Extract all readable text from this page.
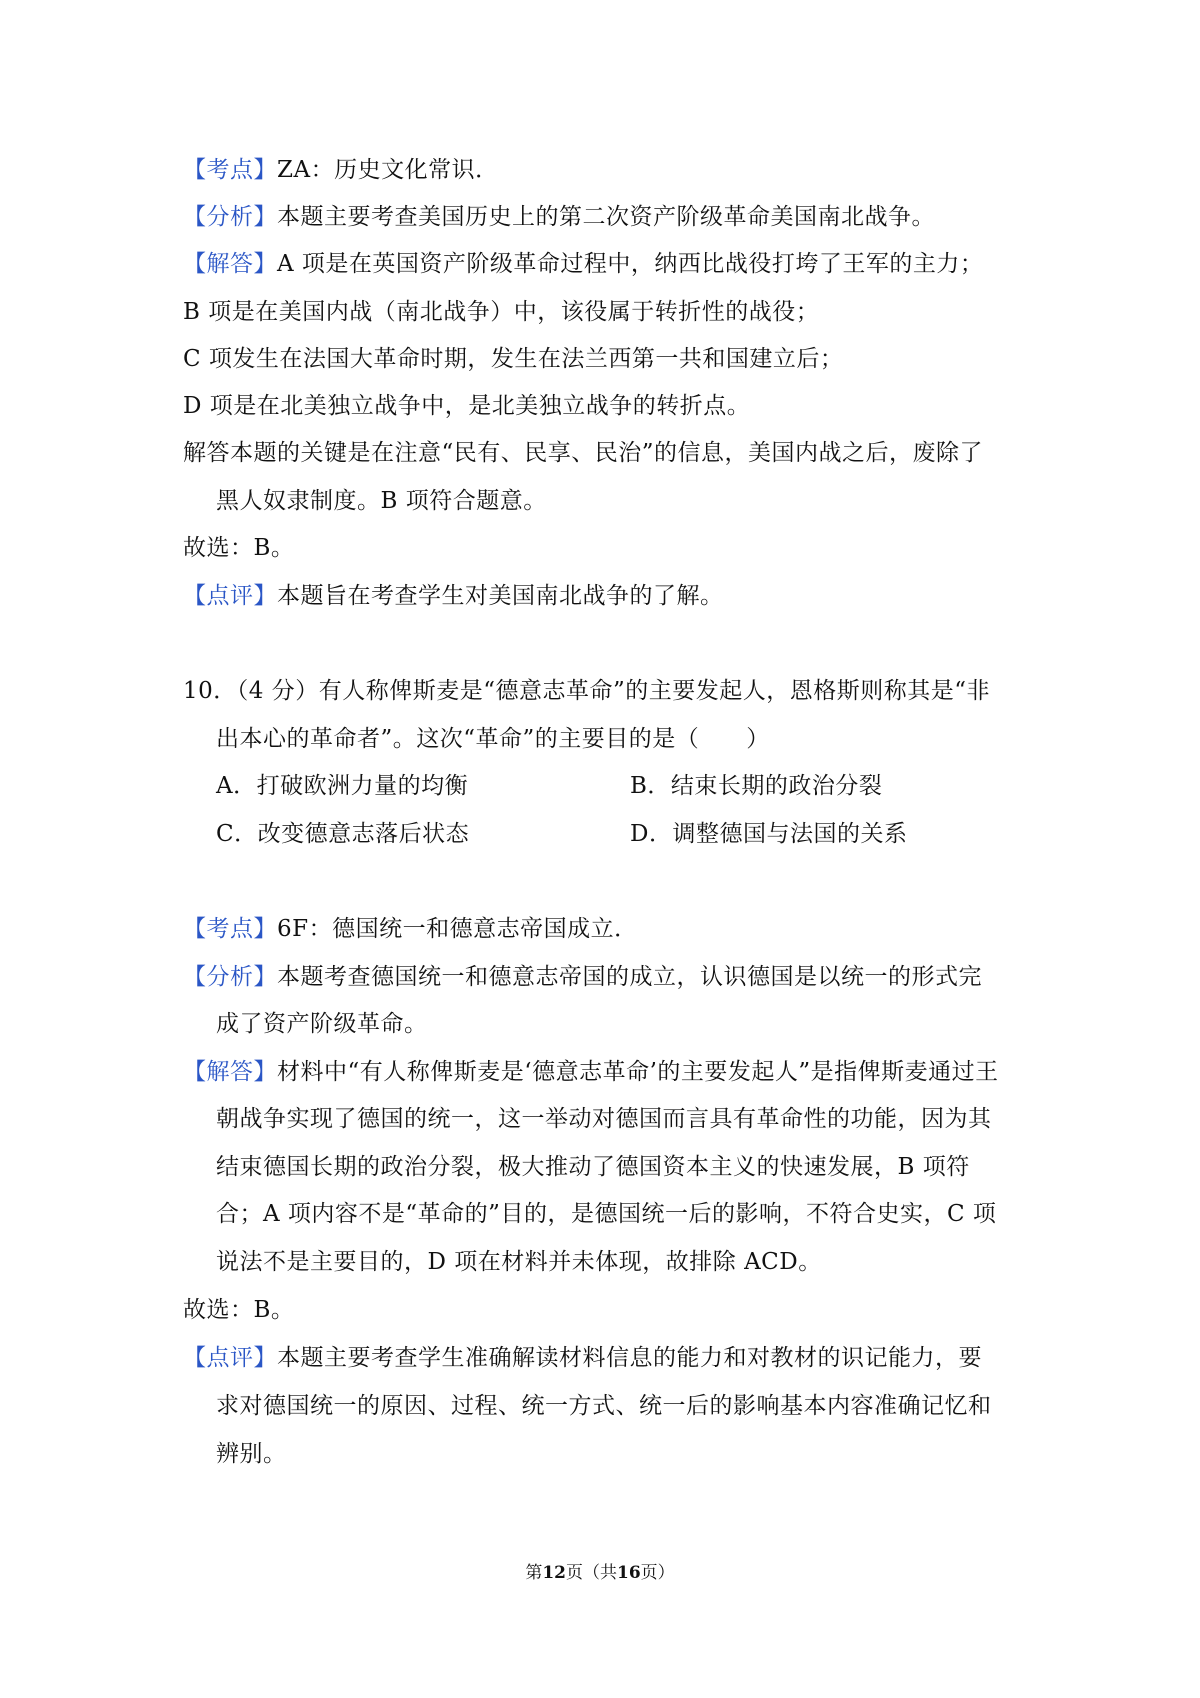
【考点】ZA：历史文化常识．
【分析】本题主要考查美国历史上的第二次资产阶级革命美国南北战争。
【解答】A 项是在英国资产阶级革命过程中，纳西比战役打垮了王军的主力；
B 项是在美国内战（南北战争）中，该役属于转折性的战役；
C 项发生在法国大革命时期，发生在法兰西第一共和国建立后；
D 项是在北美独立战争中，是北美独立战争的转折点。
解答本题的关键是在注意“民有、民享、民治”的信息，美国内战之后，废除了
黑人奴隶制度。B 项符合题意。
故选：B。
【点评】本题旨在考查学生对美国南北战争的了解。
10．（4 分）有人称俾斯麦是“德意志革命”的主要发起人，恩格斯则称其是“非
出本心的革命者”。这次“革命”的主要目的是（　　）
A．打破欧洲力量的均衡	B．结束长期的政治分裂
C．改变德意志落后状态	D．调整德国与法国的关系
【考点】6F：德国统一和德意志帝国成立．
【分析】本题考查德国统一和德意志帝国的成立，认识德国是以统一的形式完
成了资产阶级革命。
【解答】材料中“有人称俾斯麦是‘德意志革命’的主要发起人”是指俾斯麦通过王
朝战争实现了德国的统一，这一举动对德国而言具有革命性的功能，因为其
结束德国长期的政治分裂，极大推动了德国资本主义的快速发展，B 项符
合；A 项内容不是“革命的”目的，是德国统一后的影响，不符合史实，C 项
说法不是主要目的，D 项在材料并未体现，故排除 ACD。
故选：B。
【点评】本题主要考查学生准确解读材料信息的能力和对教材的识记能力，要
求对德国统一的原因、过程、统一方式、统一后的影响基本内容准确记忆和
辨别。
第12页（共16页）
